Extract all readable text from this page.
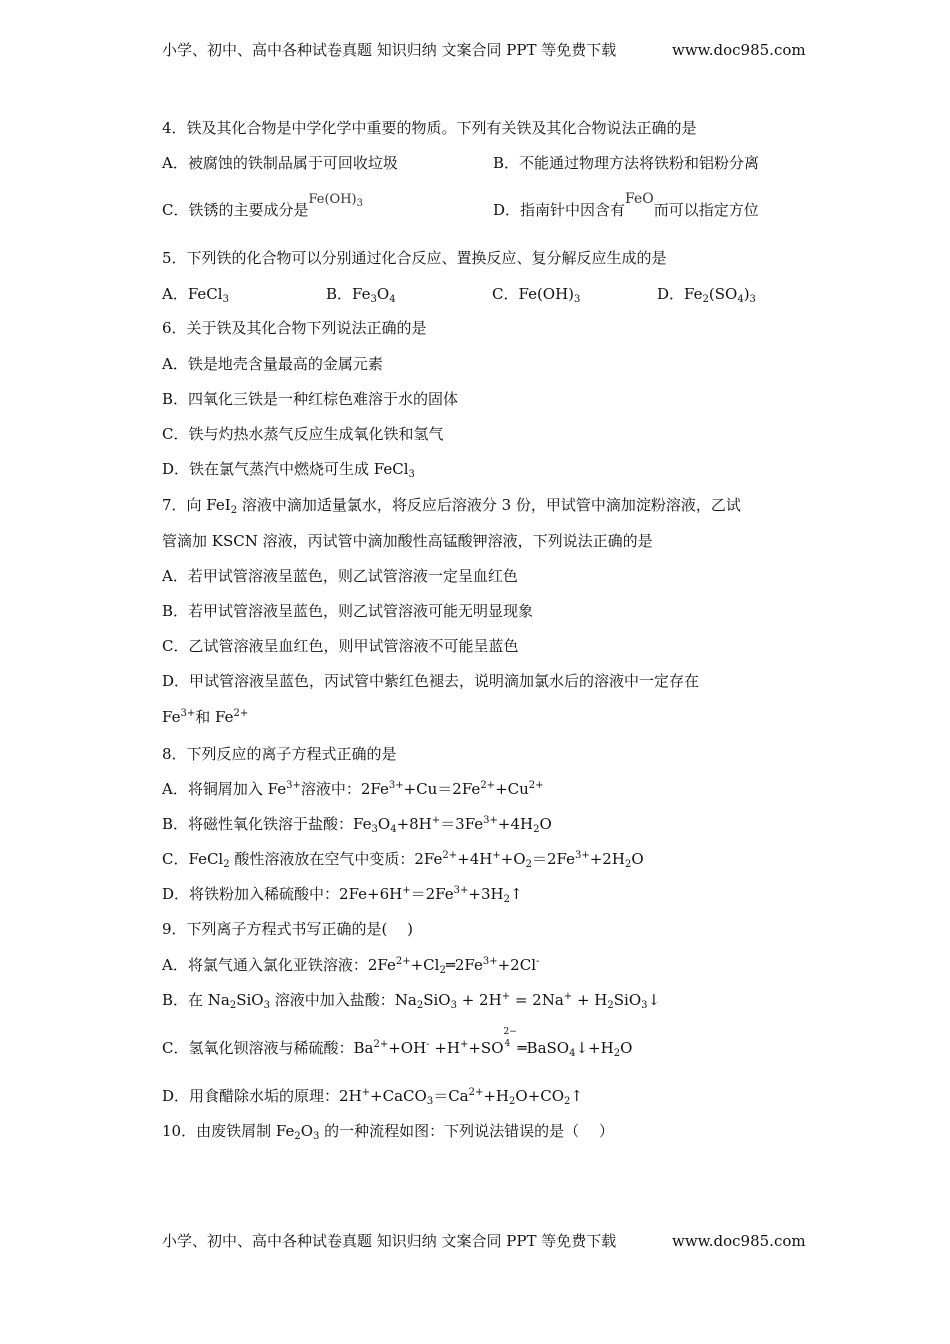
小学、初中、高中各种试卷真题 知识归纳 文案合同 PPT 等免费下载	www.doc985.com
4．铁及其化合物是中学化学中重要的物质。下列有关铁及其化合物说法正确的是
A．被腐蚀的铁制品属于可回收垃圾	B．不能通过物理方法将铁粉和铝粉分离
C．铁锈的主要成分是$Fe(OH)_3$	D．指南针中因含有FeO而可以指定方位
5．下列铁的化合物可以分别通过化合反应、置换反应、复分解反应生成的是
A．FeCl$_3$	B．$Fe_3O_4$	C．$Fe(OH)_3$	D．$Fe_2(SO_4)_3$
6．关于铁及其化合物下列说法正确的是
A．铁是地壳含量最高的金属元素
B．四氧化三铁是一种红棕色难溶于水的固体
C．铁与灼热水蒸气反应生成氧化铁和氢气
D．铁在氯气蒸汽中燃烧可生成 FeCl$_3$
7．向 FeI$_2$ 溶液中滴加适量氯水，将反应后溶液分 3 份，甲试管中滴加淀粉溶液，乙试
管滴加 KSCN 溶液，丙试管中滴加酸性高锰酸钾溶液，下列说法正确的是
A．若甲试管溶液呈蓝色，则乙试管溶液一定呈血红色
B．若甲试管溶液呈蓝色，则乙试管溶液可能无明显现象
C．乙试管溶液呈血红色，则甲试管溶液不可能呈蓝色
D．甲试管溶液呈蓝色，丙试管中紫红色褪去，说明滴加氯水后的溶液中一定存在
$Fe^{3+}$和 $Fe^{2+}$
8．下列反应的离子方程式正确的是
A．将铜屑加入 $Fe^{3+}$溶液中：$2Fe^{3+}+Cu=2Fe^{2+}+Cu^{2+}$
B．将磁性氧化铁溶于盐酸：$Fe_3O_4+8H^+=3Fe^{3+}+4H_2O$
C．FeCl$_2$ 酸性溶液放在空气中变质：$2Fe^{2+}+4H^++O_2=2Fe^{3+}+2H_2O$
D．将铁粉加入稀硫酸中：$2Fe+6H^+=2Fe^{3+}+3H_2↑$
9．下列离子方程式书写正确的是(　 )
A．将氯气通入氯化亚铁溶液：$2Fe^{2+}+Cl_2═2Fe^{3+}+2Cl^-$
B．在 $Na_2SiO_3$ 溶液中加入盐酸：$Na_2SiO_3 + 2H^+ = 2Na^+$ + $H_2SiO_3↓$
C．氢氧化钡溶液与稀硫酸：$Ba^{2+}+OH^- +H^++SO$
2−
4 $═BaSO_4↓+H_2O$
D．用食醋除水垢的原理：$2H^++CaCO_3=Ca^{2+}+H_2O+CO_2↑$
10．由废铁屑制 $Fe_2O_3$ 的一种流程如图：下列说法错误的是（　 ）
小学、初中、高中各种试卷真题 知识归纳 文案合同 PPT 等免费下载	www.doc985.com
